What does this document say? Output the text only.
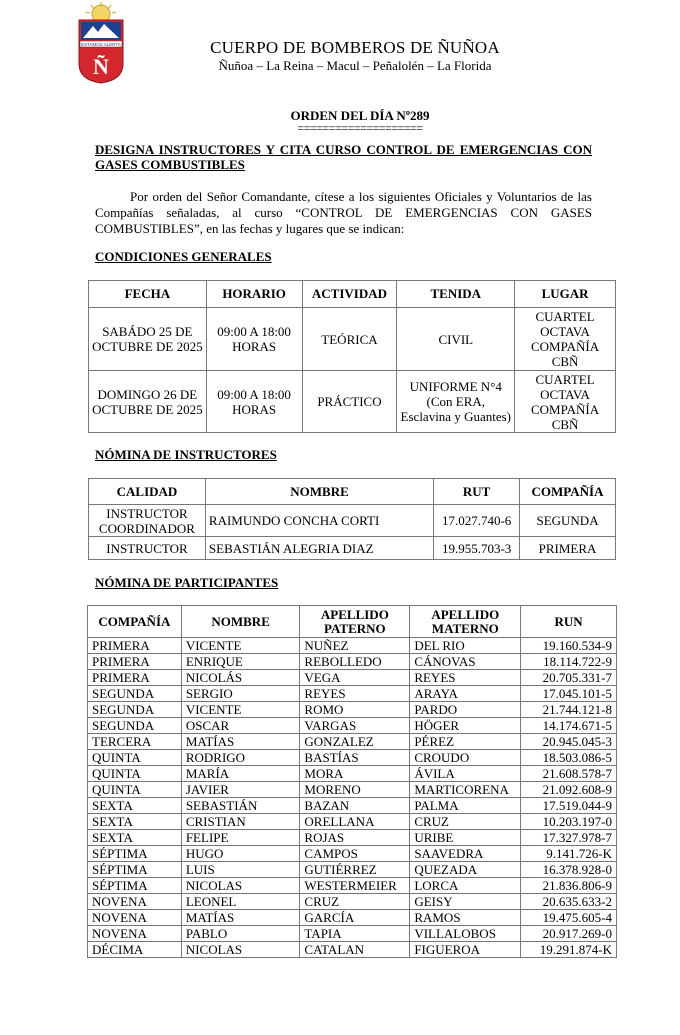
ESTAMOS ALERTA
Ñ
CUERPO DE BOMBEROS DE ÑUÑOA
Ñuñoa – La Reina – Macul – Peñalolén – La Florida
ORDEN DEL DÍA Nº289
====================
DESIGNA INSTRUCTORES Y CITA CURSO CONTROL DE EMERGENCIAS CON GASES COMBUSTIBLES
Por orden del Señor Comandante, cítese a los siguientes Oficiales y Voluntarios de las Compañías señaladas, al curso “CONTROL DE EMERGENCIAS CON GASES COMBUSTIBLES”, en las fechas y lugares que se indican:
CONDICIONES GENERALES
FECHA	HORARIO	ACTIVIDAD	TENIDA	LUGAR
SABÁDO 25 DE OCTUBRE DE 2025	09:00 A 18:00 HORAS	TEÓRICA	CIVIL	CUARTEL OCTAVA COMPAÑÍA CBÑ
DOMINGO 26 DE OCTUBRE DE 2025	09:00 A 18:00 HORAS	PRÁCTICO	UNIFORME N°4 (Con ERA, Esclavina y Guantes)	CUARTEL OCTAVA COMPAÑÍA CBÑ
NÓMINA DE INSTRUCTORES
CALIDAD	NOMBRE	RUT	COMPAÑÍA
INSTRUCTOR COORDINADOR	RAIMUNDO CONCHA CORTI	17.027.740-6	SEGUNDA
INSTRUCTOR	SEBASTIÁN ALEGRIA DIAZ	19.955.703-3	PRIMERA
NÓMINA DE PARTICIPANTES
COMPAÑÍA	NOMBRE	APELLIDO PATERNO	APELLIDO MATERNO	RUN
PRIMERA	VICENTE	NUÑEZ	DEL RIO	19.160.534-9
PRIMERA	ENRIQUE	REBOLLEDO	CÁNOVAS	18.114.722-9
PRIMERA	NICOLÁS	VEGA	REYES	20.705.331-7
SEGUNDA	SERGIO	REYES	ARAYA	17.045.101-5
SEGUNDA	VICENTE	ROMO	PARDO	21.744.121-8
SEGUNDA	OSCAR	VARGAS	HÖGER	14.174.671-5
TERCERA	MATÍAS	GONZALEZ	PÉREZ	20.945.045-3
QUINTA	RODRIGO	BASTÍAS	CROUDO	18.503.086-5
QUINTA	MARÍA	MORA	ÁVILA	21.608.578-7
QUINTA	JAVIER	MORENO	MARTICORENA	21.092.608-9
SEXTA	SEBASTIÁN	BAZAN	PALMA	17.519.044-9
SEXTA	CRISTIAN	ORELLANA	CRUZ	10.203.197-0
SEXTA	FELIPE	ROJAS	URIBE	17.327.978-7
SÉPTIMA	HUGO	CAMPOS	SAAVEDRA	9.141.726-K
SÉPTIMA	LUIS	GUTIÉRREZ	QUEZADA	16.378.928-0
SÉPTIMA	NICOLAS	WESTERMEIER	LORCA	21.836.806-9
NOVENA	LEONEL	CRUZ	GEISY	20.635.633-2
NOVENA	MATÍAS	GARCÍA	RAMOS	19.475.605-4
NOVENA	PABLO	TAPIA	VILLALOBOS	20.917.269-0
DÉCIMA	NICOLAS	CATALAN	FIGUEROA	19.291.874-K
